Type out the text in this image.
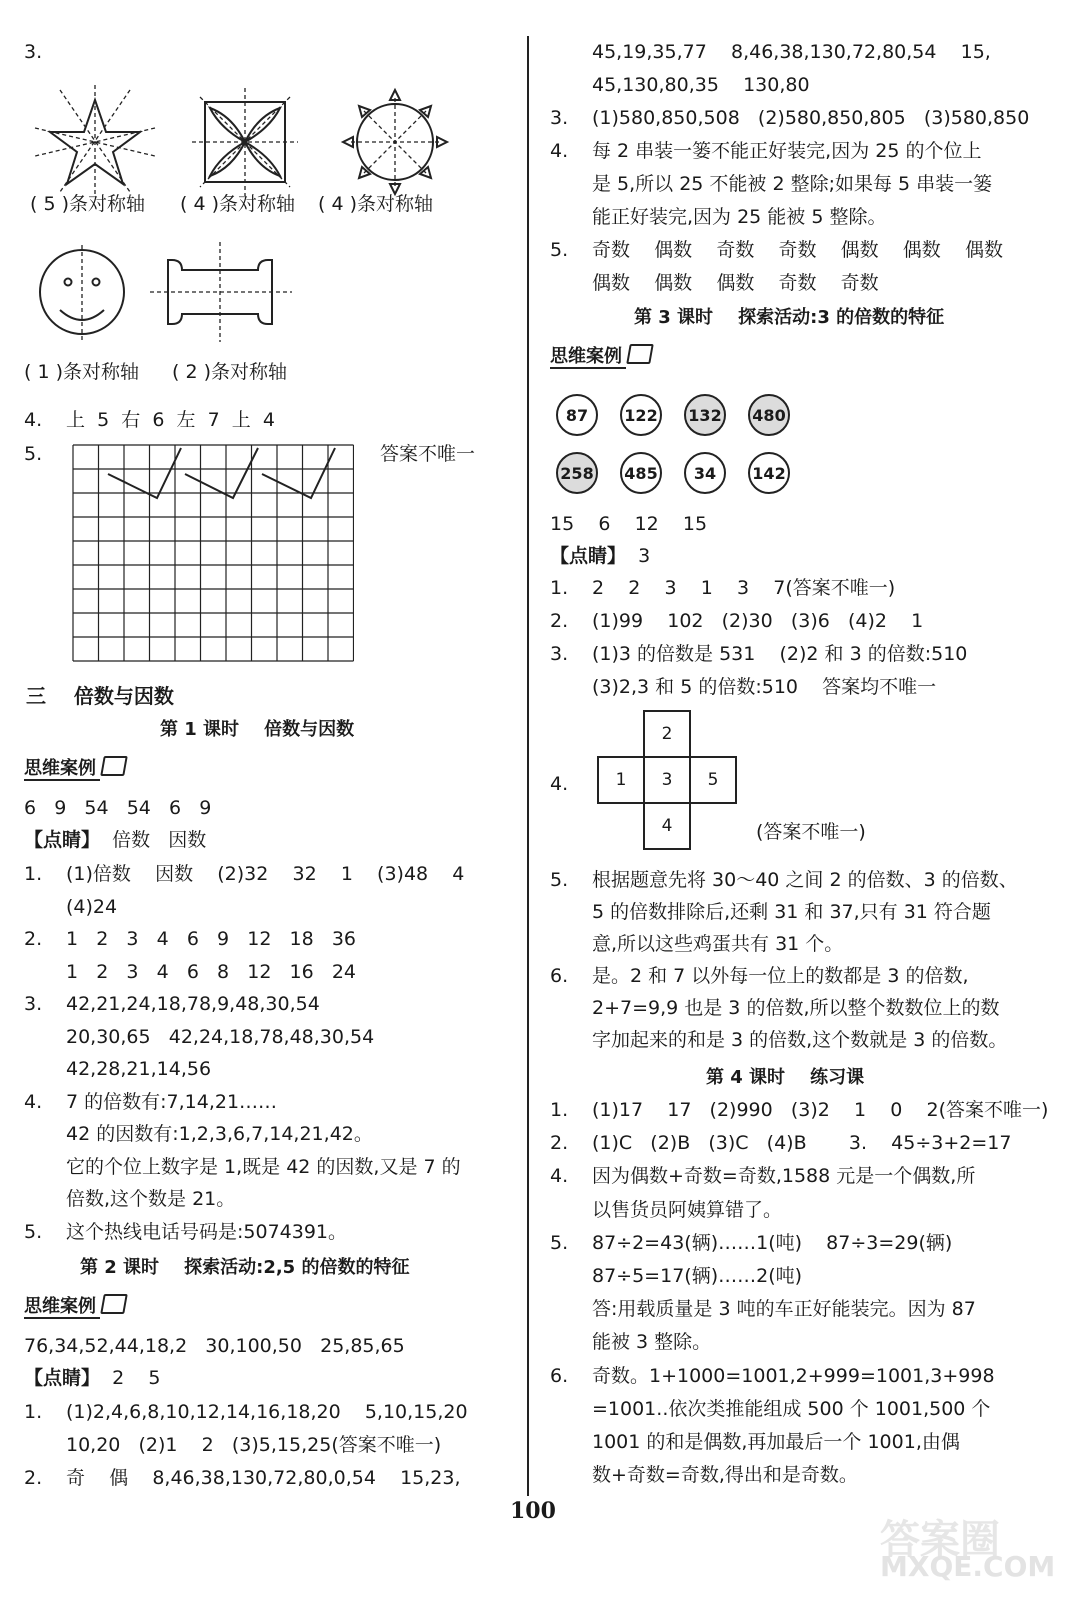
3.
( 5 )条对称轴 ( 4 )条对称轴 ( 4 )条对称轴
( 1 )条对称轴 ( 2 )条对称轴
4. 上  5  右  6  左  7  上  4
5.	答案不唯一
三    倍数与因数
第 1 课时    倍数与因数
思维案例
6   9   54   54   6   9
【点睛】 倍数   因数
1. (1)倍数    因数    (2)32    32    1    (3)48    4
(4)24
2. 1   2   3   4   6   9   12   18   36
1   2   3   4   6   8   12   16   24
3. 42,21,24,18,78,9,48,30,54
20,30,65   42,24,18,78,48,30,54
42,28,21,14,56
4. 7 的倍数有:7,14,21……
42 的因数有:1,2,3,6,7,14,21,42。
它的个位上数字是 1,既是 42 的因数,又是 7 的
倍数,这个数是 21。
5. 这个热线电话号码是:5074391。
第 2 课时    探索活动:2,5 的倍数的特征
思维案例
76,34,52,44,18,2   30,100,50   25,85,65
【点睛】 2    5
1. (1)2,4,6,8,10,12,14,16,18,20    5,10,15,20
10,20   (2)1    2   (3)5,15,25(答案不唯一)
2. 奇    偶    8,46,38,130,72,80,0,54    15,23,
45,19,35,77    8,46,38,130,72,80,54    15,
45,130,80,35    130,80
3. (1)580,850,508   (2)580,850,805   (3)580,850
4. 每 2 串装一篓不能正好装完,因为 25 的个位上
是 5,所以 25 不能被 2 整除;如果每 5 串装一篓
能正好装完,因为 25 能被 5 整除。
5. 奇数    偶数    奇数    奇数    偶数    偶数    偶数
偶数    偶数    偶数    奇数    奇数
第 3 课时    探索活动:3 的倍数的特征
思维案例
87	122 132 480
258 485	34	142
15    6    12    15
【点睛】 3
1. 2    2    3    1    3    7(答案不唯一)
2. (1)99    102   (2)30   (3)6   (4)2    1
3. (1)3 的倍数是 531    (2)2 和 3 的倍数:510
(3)2,3 和 5 的倍数:510    答案均不唯一
4.
2
1	3	5
4	(答案不唯一)
5. 根据题意先将 30～40 之间 2 的倍数、3 的倍数、
5 的倍数排除后,还剩 31 和 37,只有 31 符合题
意,所以这些鸡蛋共有 31 个。
6. 是。2 和 7 以外每一位上的数都是 3 的倍数,
2+7=9,9 也是 3 的倍数,所以整个数数位上的数
字加起来的和是 3 的倍数,这个数就是 3 的倍数。
第 4 课时    练习课
1. (1)17    17   (2)990   (3)2    1    0    2(答案不唯一)
2. (1)C   (2)B   (3)C   (4)B       3.    45÷3+2=17
4. 因为偶数+奇数=奇数,1588 元是一个偶数,所
以售货员阿姨算错了。
5. 87÷2=43(辆)……1(吨)    87÷3=29(辆)
87÷5=17(辆)……2(吨)
答:用载质量是 3 吨的车正好能装完。因为 87
能被 3 整除。
6. 奇数。1+1000=1001,2+999=1001,3+998
=1001..依次类推能组成 500 个 1001,500 个
1001 的和是偶数,再加最后一个 1001,由偶
数+奇数=奇数,得出和是奇数。
100
答案圈
MXQE.COM
